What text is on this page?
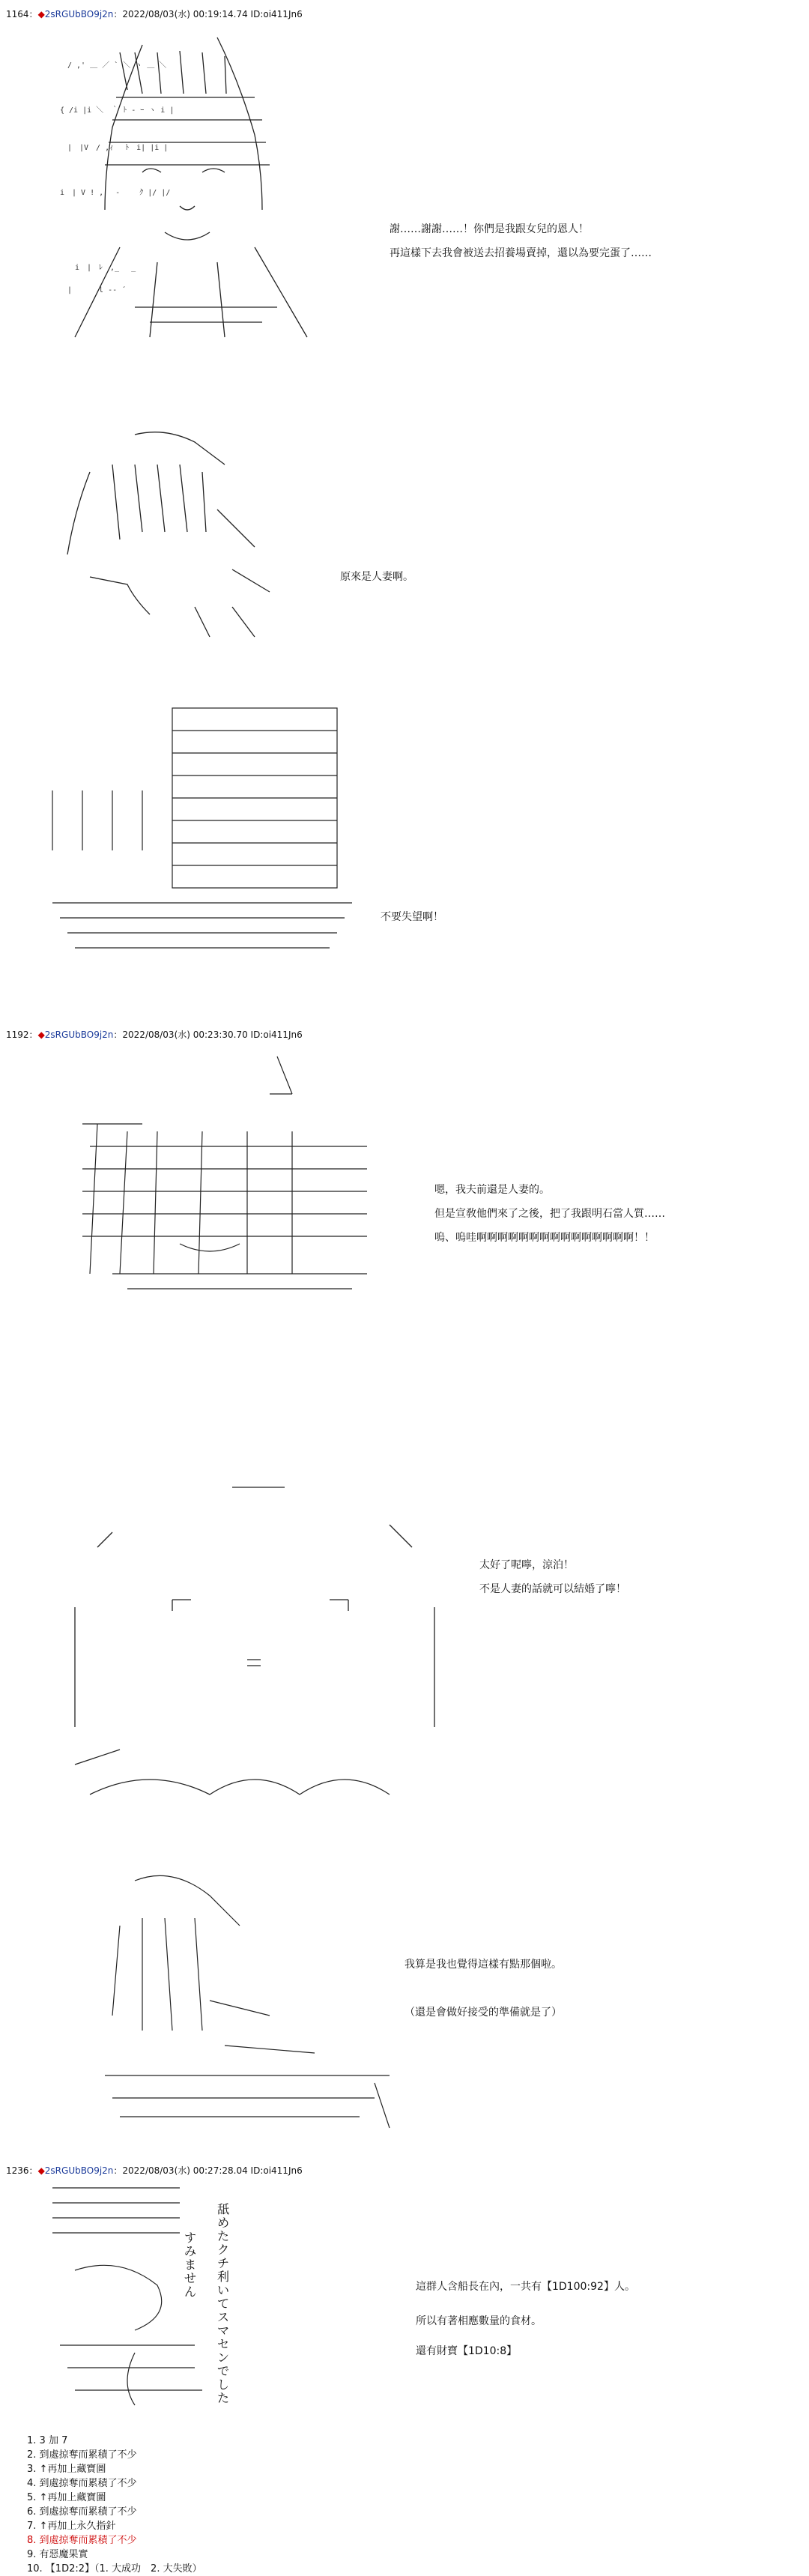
1164：◆2sRGUbBO9j2n：2022/08/03(水) 00:19:14.74 ID:oi411Jn6
/ ,' ＿ ／ ` ＼ ヽ ＿ ＼
{ /i |i ＼　｀ ﾄ ‐ ｰ ヽ i |
|　|V　/ ,ｨ　 ﾄ　i| |i |
i　| V ! ,　 ‐　　 ｸ |/ |/
i　|　ﾚ　,_　 _ 　
|　　　 l -‐ ´ 　
謝……謝謝……！你們是我跟女兒的恩人！
再這樣下去我會被送去招養場賣掉，還以為要完蛋了……
原來是人妻啊。
不要失望啊！
1192：◆2sRGUbBO9j2n：2022/08/03(水) 00:23:30.70 ID:oi411Jn6
嗯，我夫前還是人妻的。
但是宣敎他們來了之後，把了我跟明石當人質……
嗚、嗚哇啊啊啊啊啊啊啊啊啊啊啊啊啊啊啊！！
太好了呢嚀，涼泊！
不是人妻的話就可以結婚了嚀！
我算是我也覺得這樣有點那個啦。
（還是會做好接受的準備就是了）
1236：◆2sRGUbBO9j2n：2022/08/03(水) 00:27:28.04 ID:oi411Jn6
すみません
舐めたクチ利いてスマセンでした
這群人含船長在內，一共有【1D100:92】人。
所以有著相應數量的食材。
還有財寶【1D10:8】
1. 3 加 7
2. 到處掠奪而累積了不少
3. ↑再加上藏寶圖
4. 到處掠奪而累積了不少
5. ↑再加上藏寶圖
6. 到處掠奪而累積了不少
7. ↑再加上永久指針
8. 到處掠奪而累積了不少
9. 有惡魔果實
10. 【1D2:2】（1. 大成功　2. 大失敗）
